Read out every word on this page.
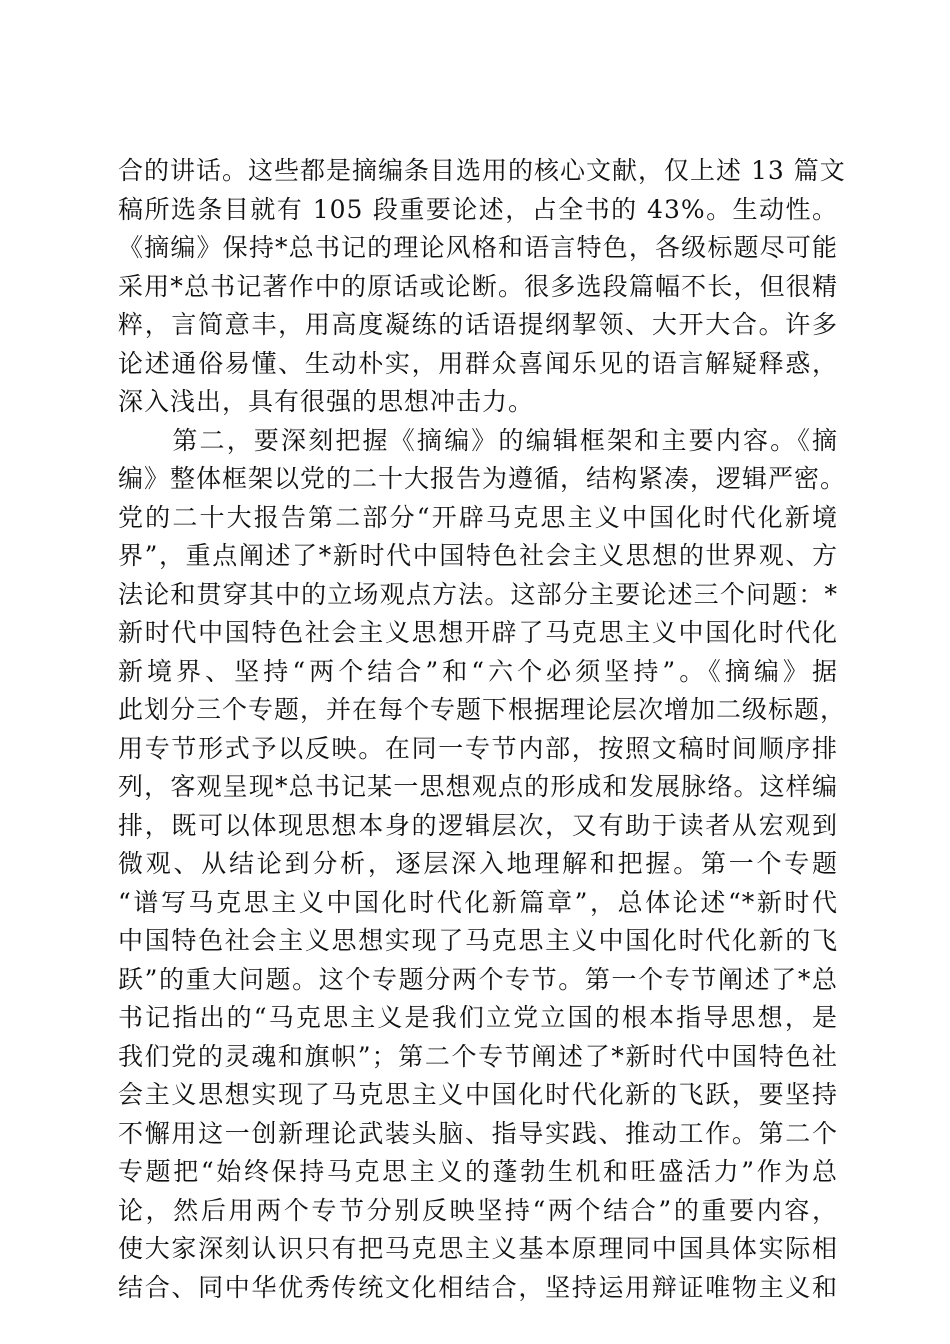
合的讲话。这些都是摘编条目选用的核心文献，仅上述 13 篇文
稿所选条目就有 105 段重要论述，占全书的 43%。生动性。
《摘编》保持*总书记的理论风格和语言特色，各级标题尽可能
采用*总书记著作中的原话或论断。很多选段篇幅不长，但很精
粹，言简意丰，用高度凝练的话语提纲挈领、大开大合。许多
论述通俗易懂、生动朴实，用群众喜闻乐见的语言解疑释惑，
深入浅出，具有很强的思想冲击力。
　　第二，要深刻把握《摘编》的编辑框架和主要内容。《摘
编》整体框架以党的二十大报告为遵循，结构紧凑，逻辑严密。
党的二十大报告第二部分“开辟马克思主义中国化时代化新境
界”，重点阐述了*新时代中国特色社会主义思想的世界观、方
法论和贯穿其中的立场观点方法。这部分主要论述三个问题：*
新时代中国特色社会主义思想开辟了马克思主义中国化时代化
新境界、坚持“两个结合”和“六个必须坚持”。《摘编》据
此划分三个专题，并在每个专题下根据理论层次增加二级标题，
用专节形式予以反映。在同一专节内部，按照文稿时间顺序排
列，客观呈现*总书记某一思想观点的形成和发展脉络。这样编
排，既可以体现思想本身的逻辑层次，又有助于读者从宏观到
微观、从结论到分析，逐层深入地理解和把握。第一个专题
“谱写马克思主义中国化时代化新篇章”，总体论述“*新时代
中国特色社会主义思想实现了马克思主义中国化时代化新的飞
跃”的重大问题。这个专题分两个专节。第一个专节阐述了*总
书记指出的“马克思主义是我们立党立国的根本指导思想，是
我们党的灵魂和旗帜”；第二个专节阐述了*新时代中国特色社
会主义思想实现了马克思主义中国化时代化新的飞跃，要坚持
不懈用这一创新理论武装头脑、指导实践、推动工作。第二个
专题把“始终保持马克思主义的蓬勃生机和旺盛活力”作为总
论，然后用两个专节分别反映坚持“两个结合”的重要内容，
使大家深刻认识只有把马克思主义基本原理同中国具体实际相
结合、同中华优秀传统文化相结合，坚持运用辩证唯物主义和
